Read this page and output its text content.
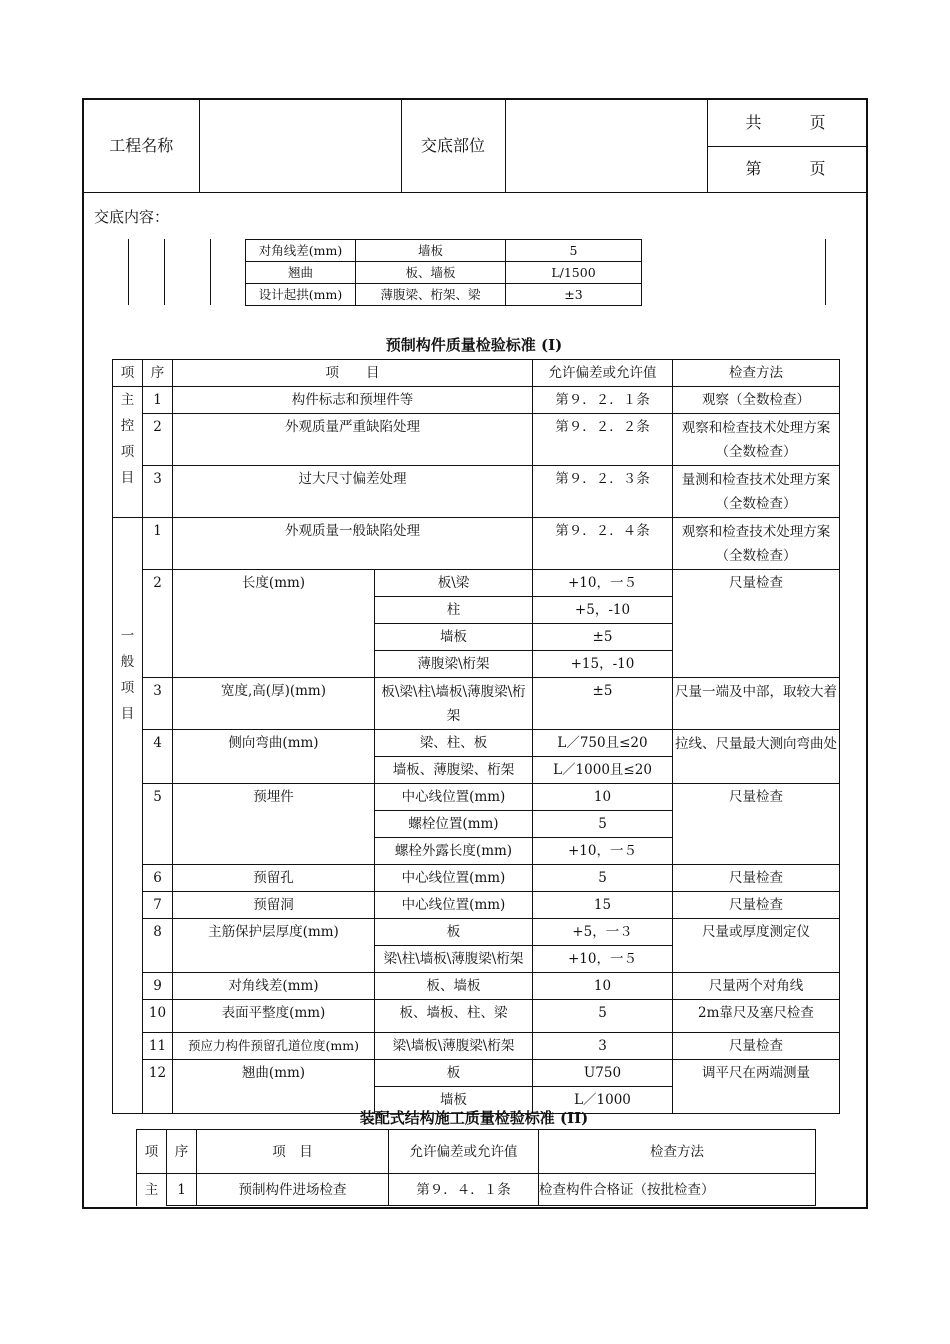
工程名称		交底部位		共　　　页
第　　　页
交底内容：
对角线差(mm)	墙板	5
翘曲	板、墙板	L/1500
设计起拱(mm)	薄腹梁、桁架、梁	±3
预制构件质量检验标准 (I)
项	序	项　　目		允许偏差或允许值	检查方法
主
控
项
目	1	构件标志和预埋件等		第９．２．１条	观察（全数检查）
	2	外观质量严重缺陷处理		第９．２．２条	观察和检查技术处理方案（全数检查）
	3	过大尺寸偏差处理		第９．２．３条	量测和检查技术处理方案（全数检查）
一
般
项
目	1	外观质量一般缺陷处理		第９．２．４条	观察和检查技术处理方案（全数检查）
	2	长度(mm)	板\梁	+10，一５	尺量检查
			柱	+5，-10	
			墙板	±5	
			薄腹梁\桁架	+15，-10	
	3	宽度,高(厚)(mm)	板\梁\柱\墙板\薄腹梁\桁架	±5	尺量一端及中部，取较大着
	4	侧向弯曲(mm)	梁、柱、板	L／750且≤20	拉线、尺量最大测向弯曲处
			墙板、薄腹梁、桁架	L／1000且≤20	
	5	预埋件	中心线位置(mm)	10	尺量检查
			螺栓位置(mm)	5	
			螺栓外露长度(mm)	+10，一５	
	6	预留孔	中心线位置(mm)	5	尺量检查
	7	预留洞	中心线位置(mm)	15	尺量检查
	8	主筋保护层厚度(mm)	板	+5，一３	尺量或厚度测定仪
			梁\柱\墙板\薄腹梁\桁架	+10，一５	
	9	对角线差(mm)	板、墙板	10	尺量两个对角线
	10	表面平整度(mm)	板、墙板、柱、梁	5	2m靠尺及塞尺检查
	11	预应力构件预留孔道位度(mm)	梁\墙板\薄腹梁\桁架	3	尺量检查
	12	翘曲(mm)	板	U750	调平尺在两端测量
			墙板	L／1000	
装配式结构施工质量检验标准 (II)
项	序	项　目	允许偏差或允许值	检查方法
主	1	预制构件进场检查	第９．４．１条	检查构件合格证（按批检查）
